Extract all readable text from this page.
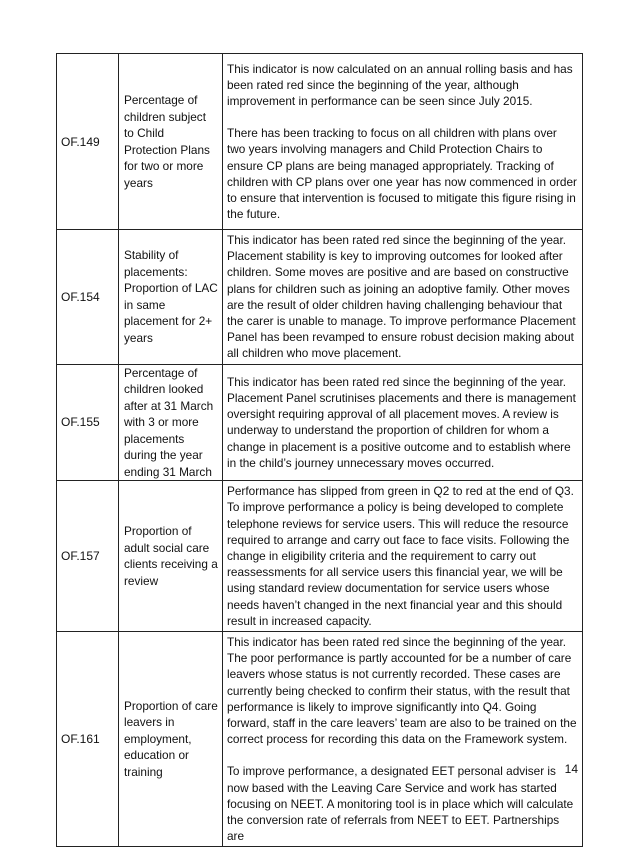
OF.149	Percentage of children subject to Child Protection Plans for two or more years	This indicator is now calculated on an annual rolling basis and has been rated red since the beginning of the year, although improvement in performance can be seen since July 2015.

There has been tracking to focus on all children with plans over two years involving managers and Child Protection Chairs to ensure CP plans are being managed appropriately. Tracking of children with CP plans over one year has now commenced in order to ensure that intervention is focused to mitigate this figure rising in the future.

OF.154	Stability of placements: Proportion of LAC in same placement for 2+ years	This indicator has been rated red since the beginning of the year. Placement stability is key to improving outcomes for looked after children. Some moves are positive and are based on constructive plans for children such as joining an adoptive family. Other moves are the result of older children having challenging behaviour that the carer is unable to manage. To improve performance Placement Panel has been revamped to ensure robust decision making about all children who move placement.

OF.155	Percentage of children looked after at 31 March with 3 or more placements during the year ending 31 March	This indicator has been rated red since the beginning of the year. Placement Panel scrutinises placements and there is management oversight requiring approval of all placement moves. A review is underway to understand the proportion of children for whom a change in placement is a positive outcome and to establish where in the child’s journey unnecessary moves occurred.

OF.157	Proportion of adult social care clients receiving a review	Performance has slipped from green in Q2 to red at the end of Q3. To improve performance a policy is being developed to complete telephone reviews for service users. This will reduce the resource required to arrange and carry out face to face visits. Following the change in eligibility criteria and the requirement to carry out reassessments for all service users this financial year, we will be using standard review documentation for service users whose needs haven’t changed in the next financial year and this should result in increased capacity.

OF.161	Proportion of care leavers in employment, education or training	This indicator has been rated red since the beginning of the year. The poor performance is partly accounted for be a number of care leavers whose status is not currently recorded. These cases are currently being checked to confirm their status, with the result that performance is likely to improve significantly into Q4. Going forward, staff in the care leavers’ team are also to be trained on the correct process for recording this data on the Framework system.

To improve performance, a designated EET personal adviser is now based with the Leaving Care Service and work has started focusing on NEET. A monitoring tool is in place which will calculate the conversion rate of referrals from NEET to EET. Partnerships are

14
